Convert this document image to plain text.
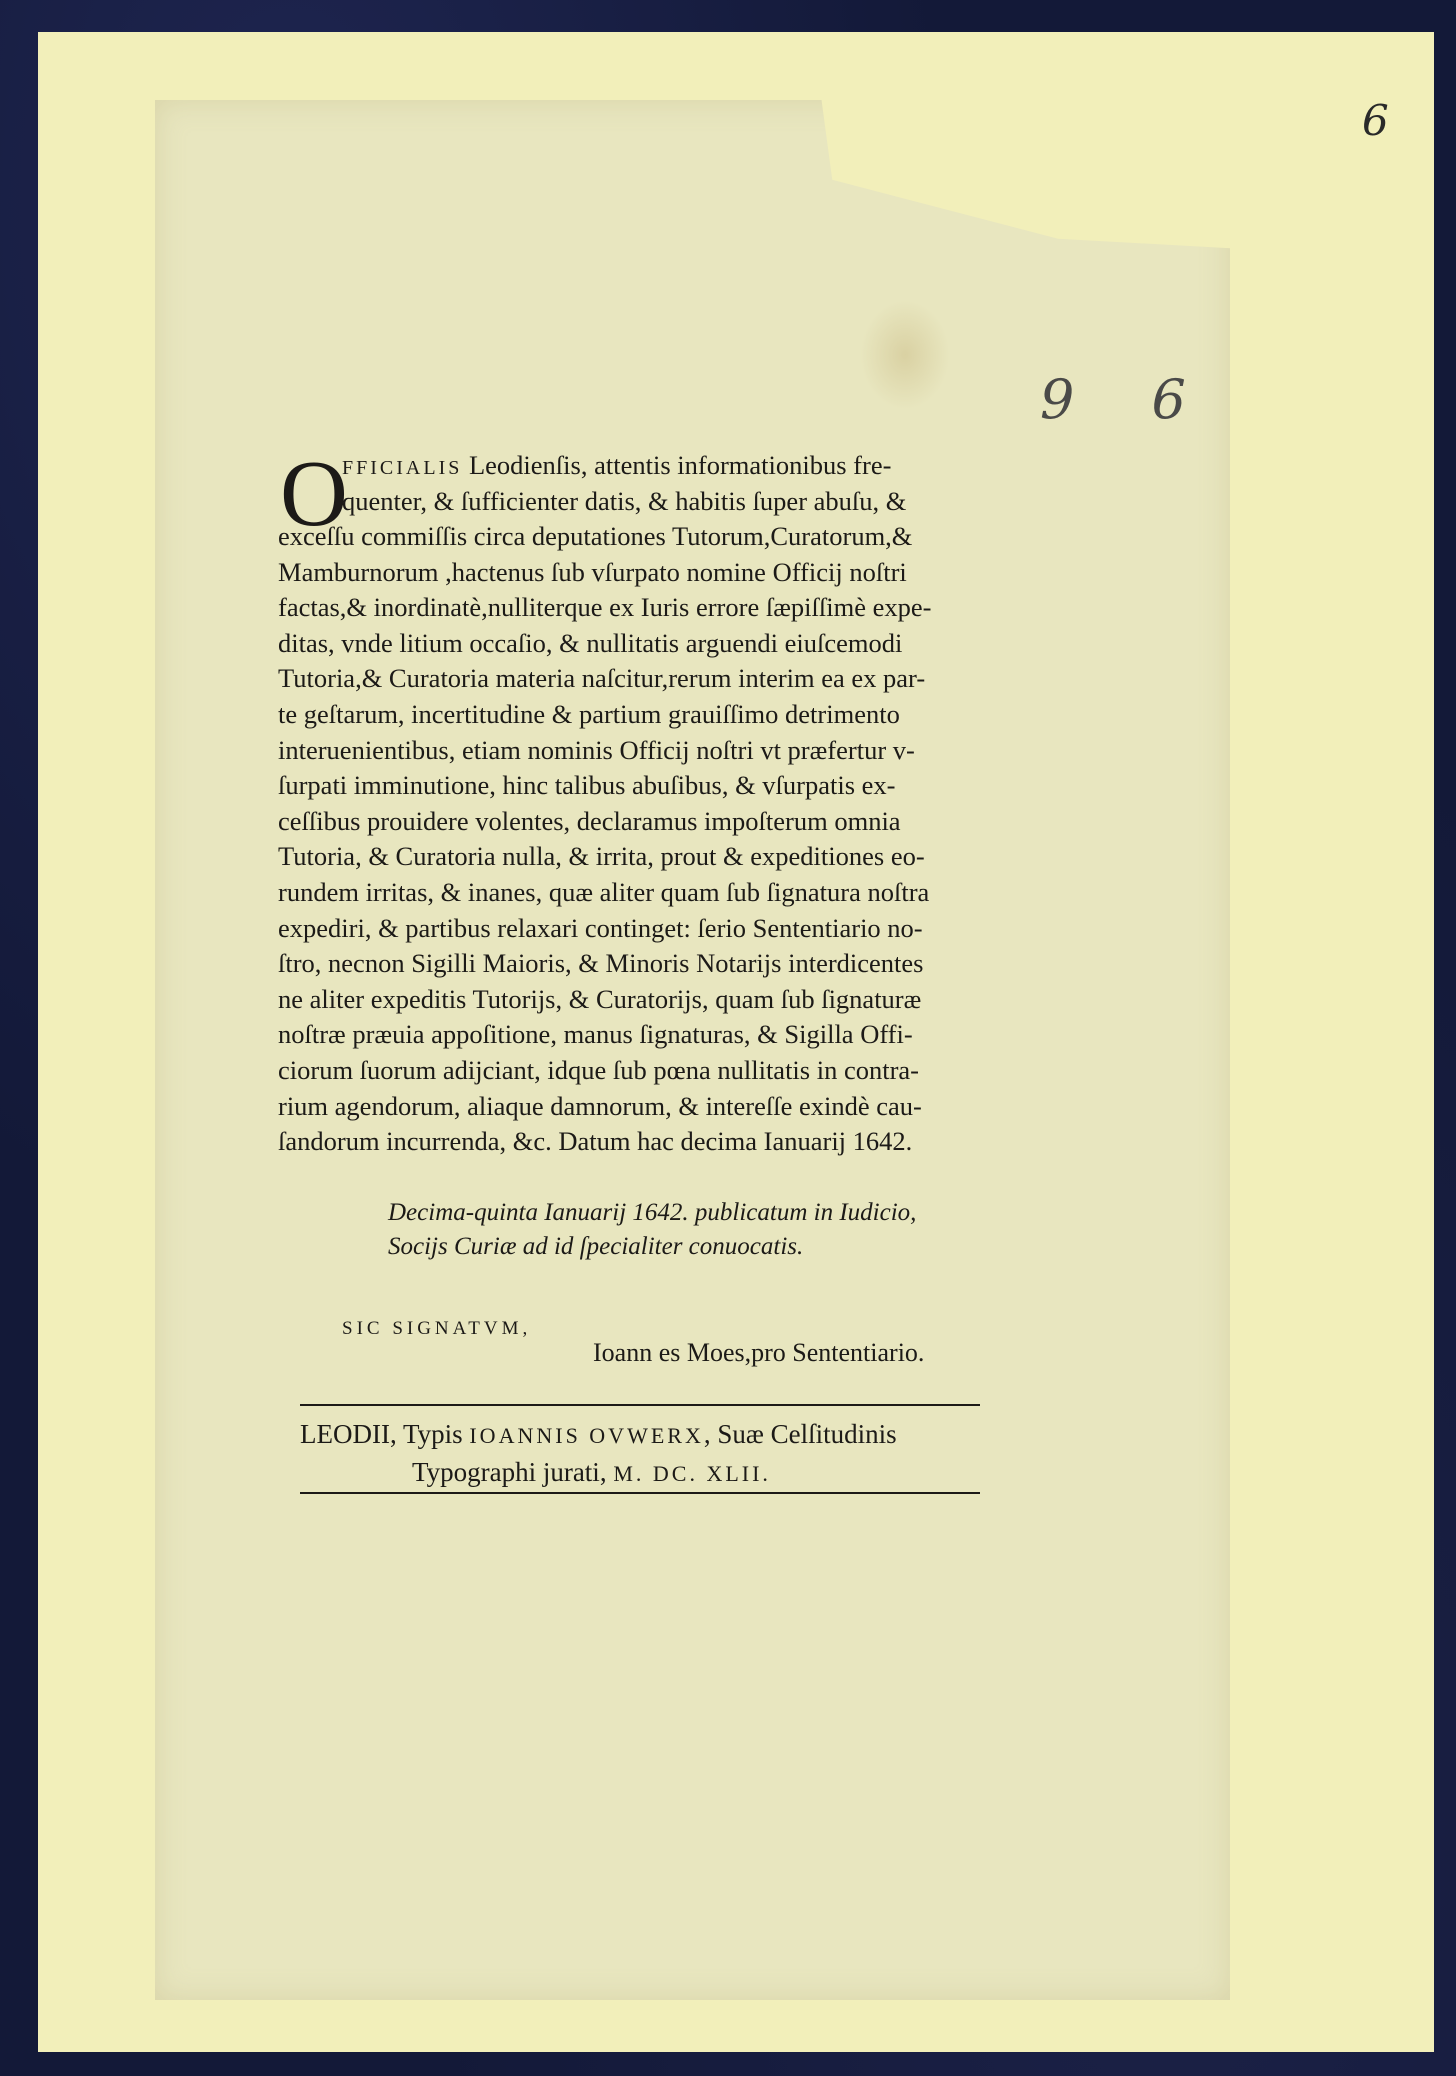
6
9 6
O
FFICIALIS Leodienſis, attentis informationibus fre-
quenter, & ſufficienter datis, & habitis ſuper abuſu, &
exceſſu commiſſis circa deputationes Tutorum,Curatorum,&
Mamburnorum ,hactenus ſub vſurpato nomine Officij noſtri
factas,& inordinatè,nulliterque ex Iuris errore ſæpiſſimè expe-
ditas, vnde litium occaſio, & nullitatis arguendi eiuſcemodi
Tutoria,& Curatoria materia naſcitur,rerum interim ea ex par-
te geſtarum, incertitudine & partium grauiſſimo detrimento
interuenientibus, etiam nominis Officij noſtri vt præfertur v-
ſurpati imminutione, hinc talibus abuſibus, & vſurpatis ex-
ceſſibus prouidere volentes, declaramus impoſterum omnia
Tutoria, & Curatoria nulla, & irrita, prout & expeditiones eo-
rundem irritas, & inanes, quæ aliter quam ſub ſignatura noſtra
expediri, & partibus relaxari continget: ſerio Sententiario no-
ſtro, necnon Sigilli Maioris, & Minoris Notarijs interdicentes
ne aliter expeditis Tutorijs, & Curatorijs, quam ſub ſignaturæ
noſtræ præuia appoſitione, manus ſignaturas, & Sigilla Offi-
ciorum ſuorum adijciant, idque ſub pœna nullitatis in contra-
rium agendorum, aliaque damnorum, & intereſſe exindè cau-
ſandorum incurrenda, &c. Datum hac decima Ianuarij 1642.
Decima-quinta Ianuarij 1642. publicatum in Iudicio,
Socijs Curiæ ad id ſpecialiter conuocatis.
SIC SIGNATVM,
Ioann es Moes,pro Sententiario.
LEODII, Typis IOANNIS OVWERX, Suæ Celſitudinis
Typographi jurati, M. DC. XLII.
